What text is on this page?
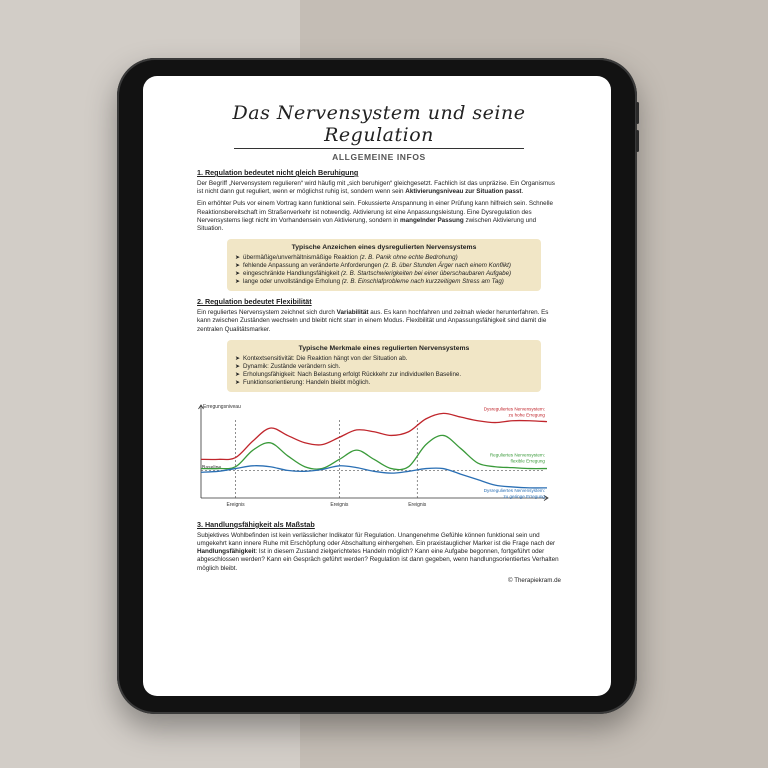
Das Nervensystem und seine Regulation
ALLGEMEINE INFOS
1. Regulation bedeutet nicht gleich Beruhigung

Der Begriff „Nervensystem regulieren“ wird häufig mit „sich beruhigen“ gleichgesetzt. Fachlich ist das unpräzise. Ein Organismus ist nicht dann gut reguliert, wenn er möglichst ruhig ist, sondern wenn sein Aktivierungsniveau zur Situation passt.

Ein erhöhter Puls vor einem Vortrag kann funktional sein. Fokussierte Anspannung in einer Prüfung kann hilfreich sein. Schnelle Reaktionsbereitschaft im Straßenverkehr ist notwendig. Aktivierung ist eine Anpassungsleistung. Eine Dysregulation des Nervensystems liegt nicht im Vorhandensein von Aktivierung, sondern in mangelnder Passung zwischen Aktivierung und Situation.

Typische Anzeichen eines dysregulierten Nervensystems
➤ übermäßige/unverhältnismäßige Reaktion (z. B. Panik ohne echte Bedrohung)
➤ fehlende Anpassung an veränderte Anforderungen (z. B. über Stunden Ärger nach einem Konflikt)
➤ eingeschränkte Handlungsfähigkeit (z. B. Startschwierigkeiten bei einer überschaubaren Aufgabe)
➤ lange oder unvollständige Erholung (z. B. Einschlafprobleme nach kurzzeitigem Stress am Tag)
2. Regulation bedeutet Flexibilität

Ein reguliertes Nervensystem zeichnet sich durch Variabilität aus. Es kann hochfahren und zeitnah wieder herunterfahren. Es kann zwischen Zuständen wechseln und bleibt nicht starr in einem Modus. Flexibilität und Anpassungsfähigkeit sind damit die zentralen Qualitätsmarker.

Typische Merkmale eines regulierten Nervensystems
➤ Kontextsensitivität: Die Reaktion hängt von der Situation ab.
➤ Dynamik: Zustände verändern sich.
➤ Erholungsfähigkeit: Nach Belastung erfolgt Rückkehr zur individuellen Baseline.
➤ Funktionsorientierung: Handeln bleibt möglich.
Erregungsniveau
Baseline
Ereignis	Ereignis	Ereignis
Dysreguliertes Nervensystem:
zu hohe Erregung
Reguliertes Nervensystem:
flexible Erregung
Dysreguliertes Nervensystem:
zu geringe Erregung
3. Handlungsfähigkeit als Maßstab

Subjektives Wohlbefinden ist kein verlässlicher Indikator für Regulation. Unangenehme Gefühle können funktional sein und umgekehrt kann innere Ruhe mit Erschöpfung oder Abschaltung einhergehen. Ein praxistauglicher Marker ist die Frage nach der Handlungsfähigkeit: Ist in diesem Zustand zielgerichtetes Handeln möglich? Kann eine Aufgabe begonnen, fortgeführt oder abgeschlossen werden? Kann ein Gespräch geführt werden? Regulation ist dann gegeben, wenn handlungsorientiertes Verhalten möglich bleibt.

© Therapiekram.de
